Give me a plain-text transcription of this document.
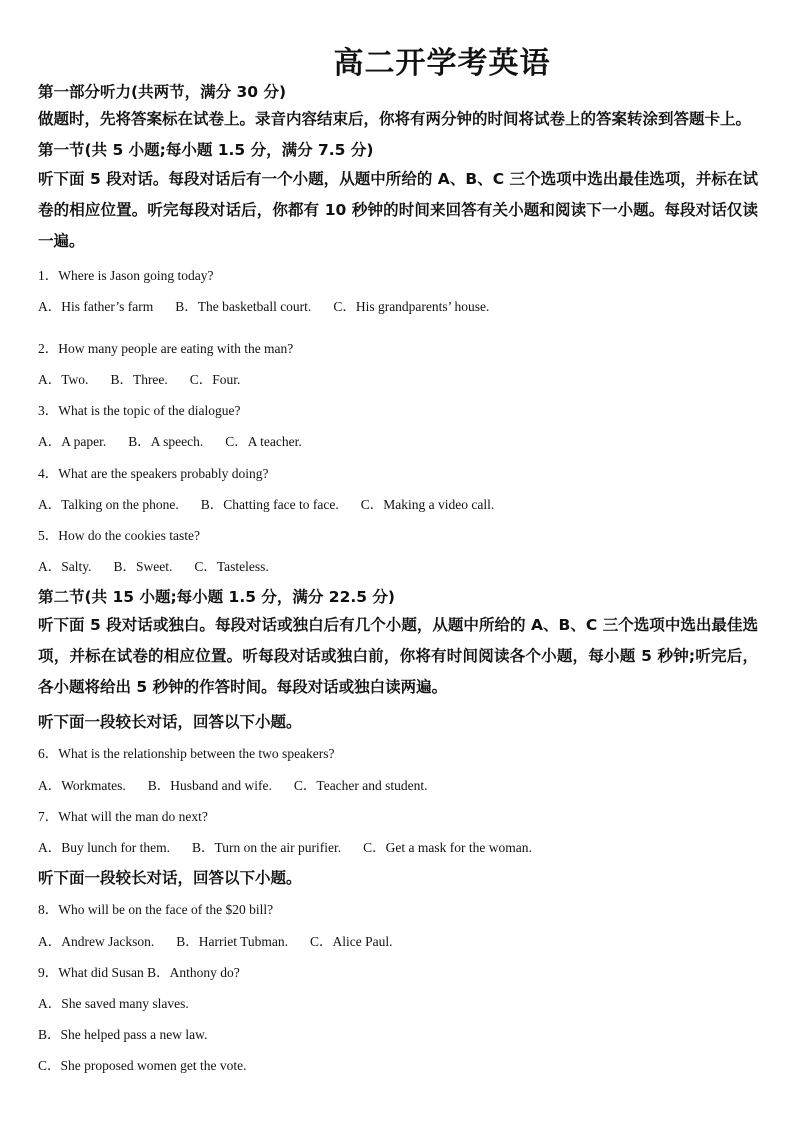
高二开学考英语
第一部分听力(共两节，满分 30 分)
做题时，先将答案标在试卷上。录音内容结束后，你将有两分钟的时间将试卷上的答案转涂到答题卡上。
第一节(共 5 小题;每小题 1.5 分，满分 7.5 分)
听下面 5 段对话。每段对话后有一个小题，从题中所给的 A、B、C 三个选项中选出最佳选项，并标在试卷的相应位置。听完每段对话后，你都有 10 秒钟的时间来回答有关小题和阅读下一小题。每段对话仅读一遍。
1．Where is Jason going today?
A．His father’s farm B．The basketball court. C．His grandparents’ house.
2．How many people are eating with the man?
A．Two. B．Three. C．Four.
3．What is the topic of the dialogue?
A．A paper. B．A speech. C．A teacher.
4．What are the speakers probably doing?
A．Talking on the phone. B．Chatting face to face. C．Making a video call.
5．How do the cookies taste?
A．Salty. B．Sweet. C．Tasteless.
第二节(共 15 小题;每小题 1.5 分，满分 22.5 分)
听下面 5 段对话或独白。每段对话或独白后有几个小题，从题中所给的 A、B、C 三个选项中选出最佳选项，并标在试卷的相应位置。听每段对话或独白前，你将有时间阅读各个小题，每小题 5 秒钟;听完后，各小题将给出 5 秒钟的作答时间。每段对话或独白读两遍。
听下面一段较长对话，回答以下小题。
6．What is the relationship between the two speakers?
A．Workmates. B．Husband and wife. C．Teacher and student.
7．What will the man do next?
A．Buy lunch for them. B．Turn on the air purifier. C．Get a mask for the woman.
听下面一段较长对话，回答以下小题。
8．Who will be on the face of the $20 bill?
A．Andrew Jackson. B．Harriet Tubman. C．Alice Paul.
9．What did Susan B．Anthony do?
A．She saved many slaves.
B．She helped pass a new law.
C．She proposed women get the vote.
